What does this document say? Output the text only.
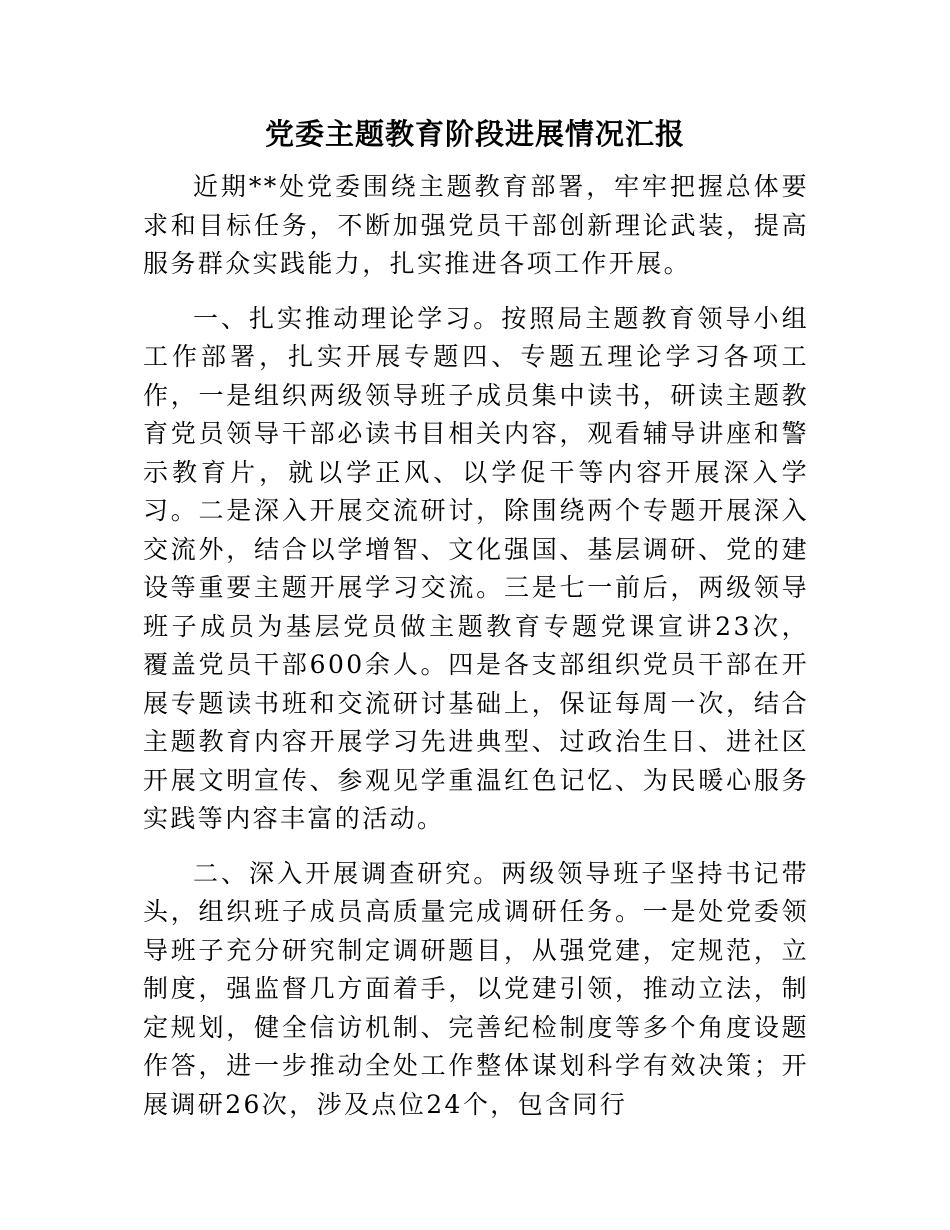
党委主题教育阶段进展情况汇报

近期**处党委围绕主题教育部署，牢牢把握总体要求和目标任务，不断加强党员干部创新理论武装，提高服务群众实践能力，扎实推进各项工作开展。

一、扎实推动理论学习。按照局主题教育领导小组工作部署，扎实开展专题四、专题五理论学习各项工作，一是组织两级领导班子成员集中读书，研读主题教育党员领导干部必读书目相关内容，观看辅导讲座和警示教育片，就以学正风、以学促干等内容开展深入学习。二是深入开展交流研讨，除围绕两个专题开展深入交流外，结合以学增智、文化强国、基层调研、党的建设等重要主题开展学习交流。三是七一前后，两级领导班子成员为基层党员做主题教育专题党课宣讲23次，覆盖党员干部600余人。四是各支部组织党员干部在开展专题读书班和交流研讨基础上，保证每周一次，结合主题教育内容开展学习先进典型、过政治生日、进社区开展文明宣传、参观见学重温红色记忆、为民暖心服务实践等内容丰富的活动。

二、深入开展调查研究。两级领导班子坚持书记带头，组织班子成员高质量完成调研任务。一是处党委领导班子充分研究制定调研题目，从强党建，定规范，立制度，强监督几方面着手，以党建引领，推动立法，制定规划，健全信访机制、完善纪检制度等多个角度设题作答，进一步推动全处工作整体谋划科学有效决策；开展调研26次，涉及点位24个，包含同行
